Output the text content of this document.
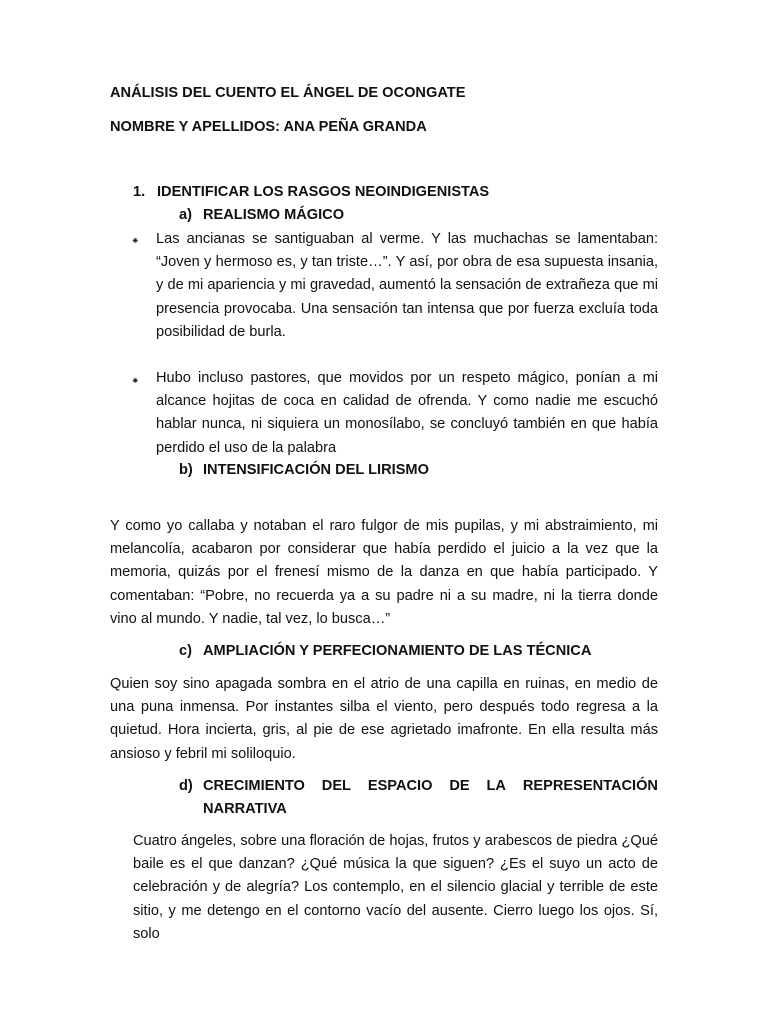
ANÁLISIS DEL CUENTO EL ÁNGEL DE OCONGATE
NOMBRE Y APELLIDOS: ANA PEÑA GRANDA
1. IDENTIFICAR LOS RASGOS NEOINDIGENISTAS
a) REALISMO MÁGICO
⁕ Las ancianas se santiguaban al verme. Y las muchachas se lamentaban: “Joven y hermoso es, y tan triste…”. Y así, por obra de esa supuesta insania, y de mi apariencia y mi gravedad, aumentó la sensación de extrañeza que mi presencia provocaba. Una sensación tan intensa que por fuerza excluía toda posibilidad de burla.
⁕ Hubo incluso pastores, que movidos por un respeto mágico, ponían a mi alcance hojitas de coca en calidad de ofrenda. Y como nadie me escuchó hablar nunca, ni siquiera un monosílabo, se concluyó también en que había perdido el uso de la palabra
b) INTENSIFICACIÓN DEL LIRISMO
Y como yo callaba y notaban el raro fulgor de mis pupilas, y mi abstraimiento, mi melancolía, acabaron por considerar que había perdido el juicio a la vez que la memoria, quizás por el frenesí mismo de la danza en que había participado. Y comentaban: “Pobre, no recuerda ya a su padre ni a su madre, ni la tierra donde vino al mundo. Y nadie, tal vez, lo busca…”
c) AMPLIACIÓN Y PERFECIONAMIENTO DE LAS TÉCNICA
Quien soy sino apagada sombra en el atrio de una capilla en ruinas, en medio de una puna inmensa. Por instantes silba el viento, pero después todo regresa a la quietud. Hora incierta, gris, al pie de ese agrietado imafronte. En ella resulta más ansioso y febril mi soliloquio.
d) CRECIMIENTO DEL ESPACIO DE LA REPRESENTACIÓN
NARRATIVA
Cuatro ángeles, sobre una floración de hojas, frutos y arabescos de piedra ¿Qué baile es el que danzan? ¿Qué música la que siguen? ¿Es el suyo un acto de celebración y de alegría? Los contemplo, en el silencio glacial y terrible de este sitio, y me detengo en el contorno vacío del ausente. Cierro luego los ojos. Sí, solo
